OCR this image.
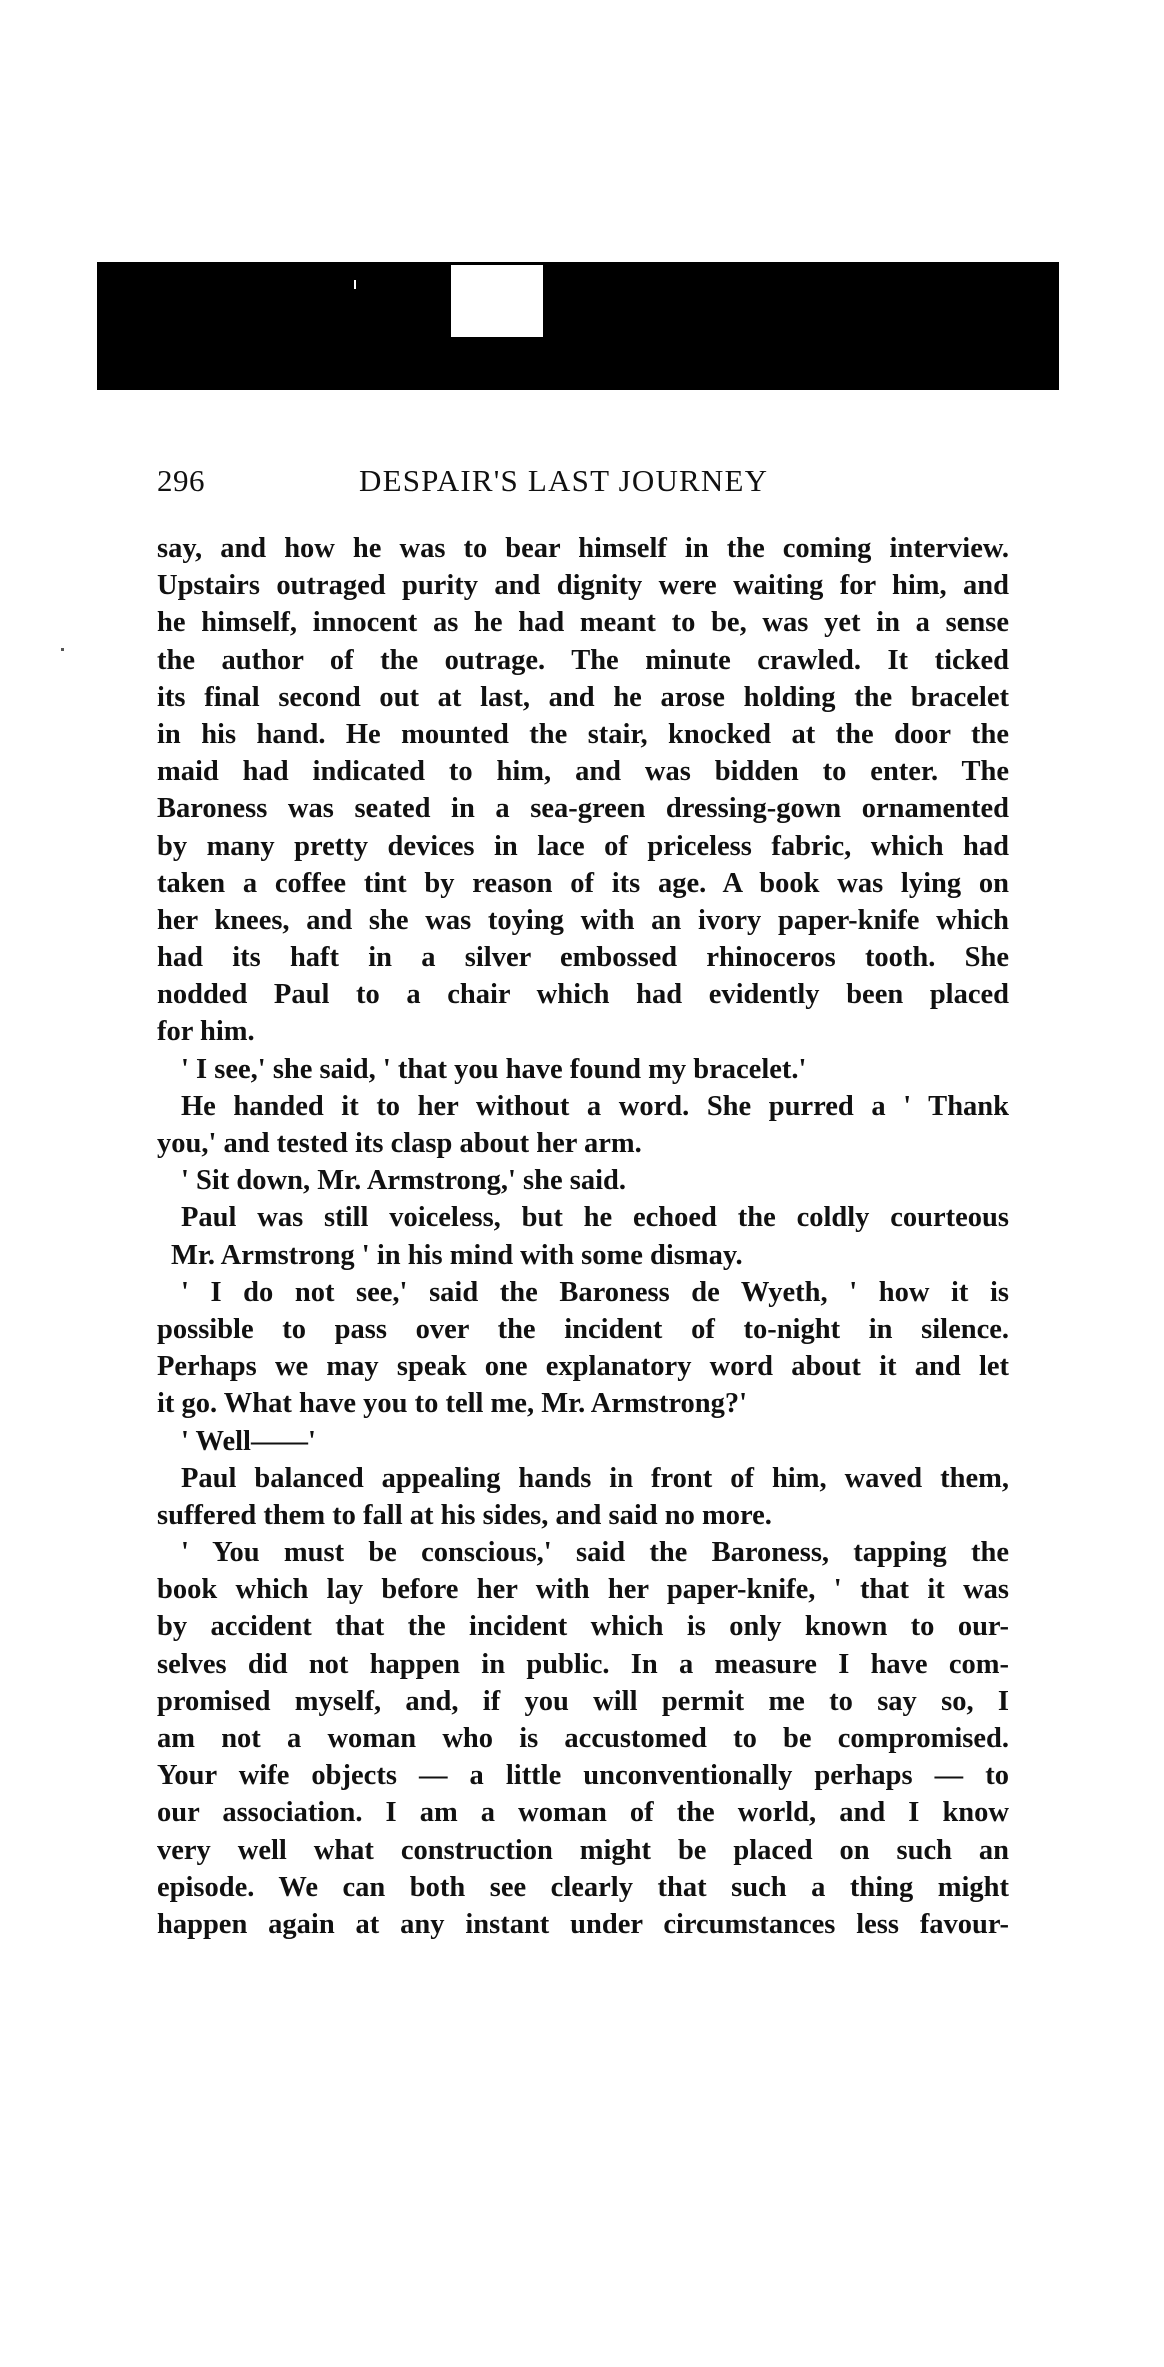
296	DESPAIR'S LAST JOURNEY
say, and how he was to bear himself in the coming interview.
Upstairs outraged purity and dignity were waiting for him, and
he himself, innocent as he had meant to be, was yet in a sense
the author of the outrage. The minute crawled. It ticked
its final second out at last, and he arose holding the bracelet
in his hand. He mounted the stair, knocked at the door the
maid had indicated to him, and was bidden to enter. The
Baroness was seated in a sea-green dressing-gown ornamented
by many pretty devices in lace of priceless fabric, which had
taken a coffee tint by reason of its age. A book was lying on
her knees, and she was toying with an ivory paper-knife which
had its haft in a silver embossed rhinoceros tooth. She
nodded Paul to a chair which had evidently been placed
for him.
' I see,' she said, ' that you have found my bracelet.'
He handed it to her without a word. She purred a ' Thank
you,' and tested its clasp about her arm.
' Sit down, Mr. Armstrong,' she said.
Paul was still voiceless, but he echoed the coldly courteous
Mr. Armstrong ' in his mind with some dismay.
' I do not see,' said the Baroness de Wyeth, ' how it is
possible to pass over the incident of to-night in silence.
Perhaps we may speak one explanatory word about it and let
it go. What have you to tell me, Mr. Armstrong?'
' Well——'
Paul balanced appealing hands in front of him, waved them,
suffered them to fall at his sides, and said no more.
' You must be conscious,' said the Baroness, tapping the
book which lay before her with her paper-knife, ' that it was
by accident that the incident which is only known to our-
selves did not happen in public. In a measure I have com-
promised myself, and, if you will permit me to say so, I
am not a woman who is accustomed to be compromised.
Your wife objects — a little unconventionally perhaps — to
our association. I am a woman of the world, and I know
very well what construction might be placed on such an
episode. We can both see clearly that such a thing might
happen again at any instant under circumstances less favour-
